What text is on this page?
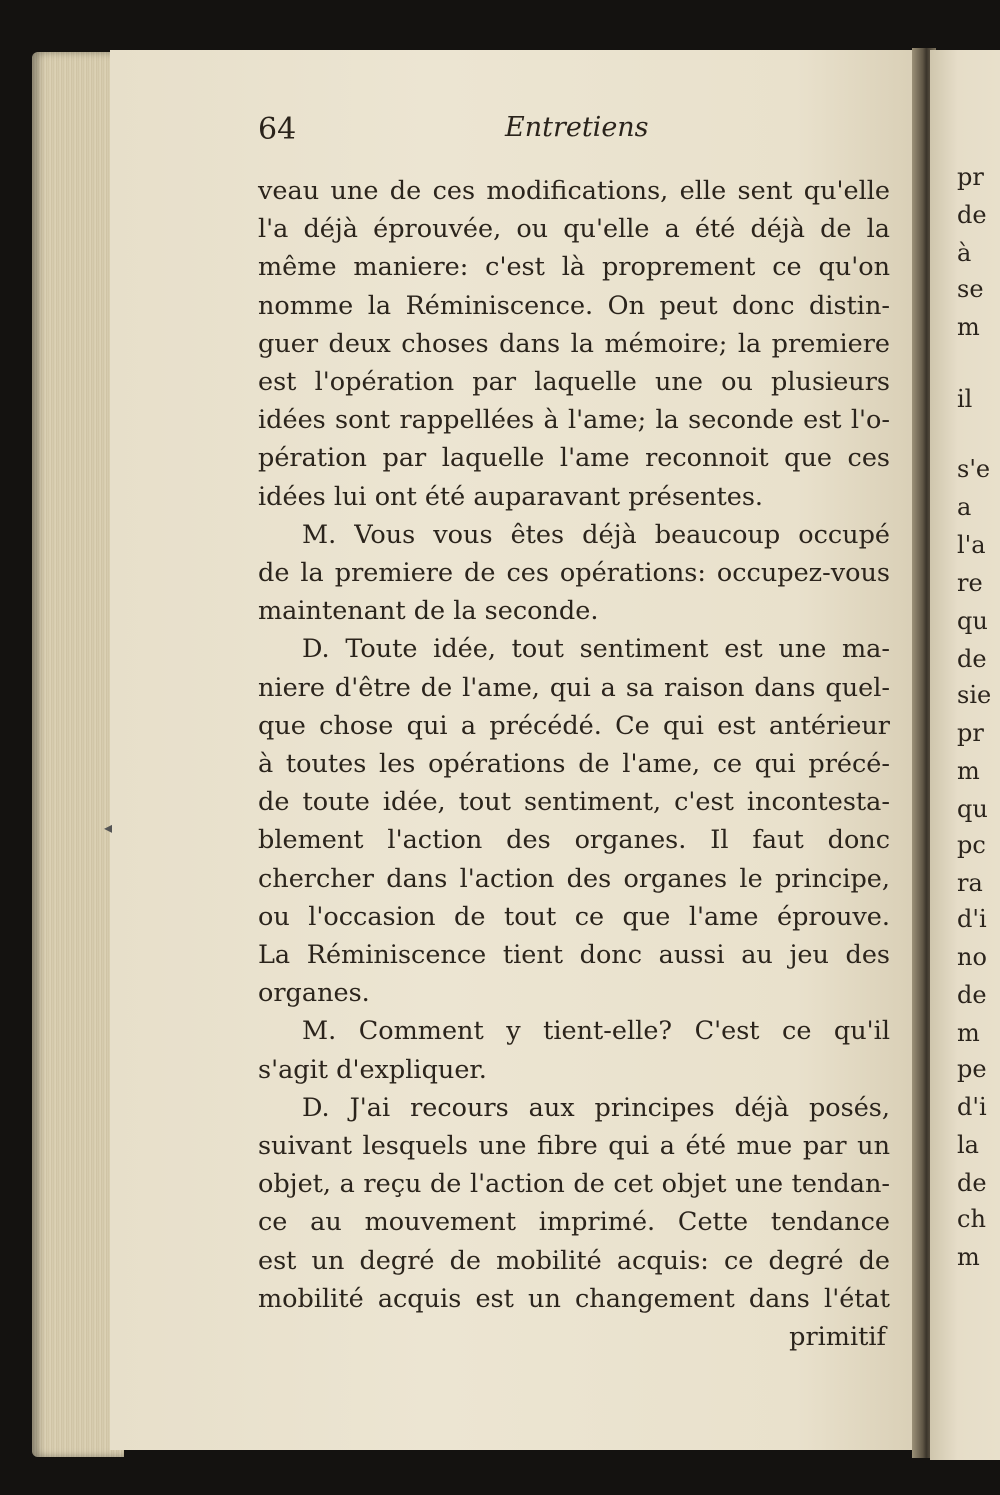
64	Entretiens
veau une de ces modifications, elle sent qu'elle
l'a déjà éprouvée, ou qu'elle a été déjà de la
même maniere: c'est là proprement ce qu'on
nomme la Réminiscence. On peut donc distin-
guer deux choses dans la mémoire; la premiere
est l'opération par laquelle une ou plusieurs
idées sont rappellées à l'ame; la seconde est l'o-
pération par laquelle l'ame reconnoit que ces
idées lui ont été auparavant présentes.
M. Vous vous êtes déjà beaucoup occupé
de la premiere de ces opérations: occupez-vous
maintenant de la seconde.
D. Toute idée, tout sentiment est une ma-
niere d'être de l'ame, qui a sa raison dans quel-
que chose qui a précédé. Ce qui est antérieur
à toutes les opérations de l'ame, ce qui précé-
de toute idée, tout sentiment, c'est incontesta-
blement l'action des organes. Il faut donc
chercher dans l'action des organes le principe,
ou l'occasion de tout ce que l'ame éprouve.
La Réminiscence tient donc aussi au jeu des
organes.
M. Comment y tient-elle? C'est ce qu'il
s'agit d'expliquer.
D. J'ai recours aux principes déjà posés,
suivant lesquels une fibre qui a été mue par un
objet, a reçu de l'action de cet objet une tendan-
ce au mouvement imprimé. Cette tendance
est un degré de mobilité acquis: ce degré de
mobilité acquis est un changement dans l'état
primitif
pr
de
à
se
m
il
s'e
a
l'a
re
qu
de
sie
pr
m
qu
pc
ra
d'i
no
de
m
pe
d'i
la
de
ch
m
◂
